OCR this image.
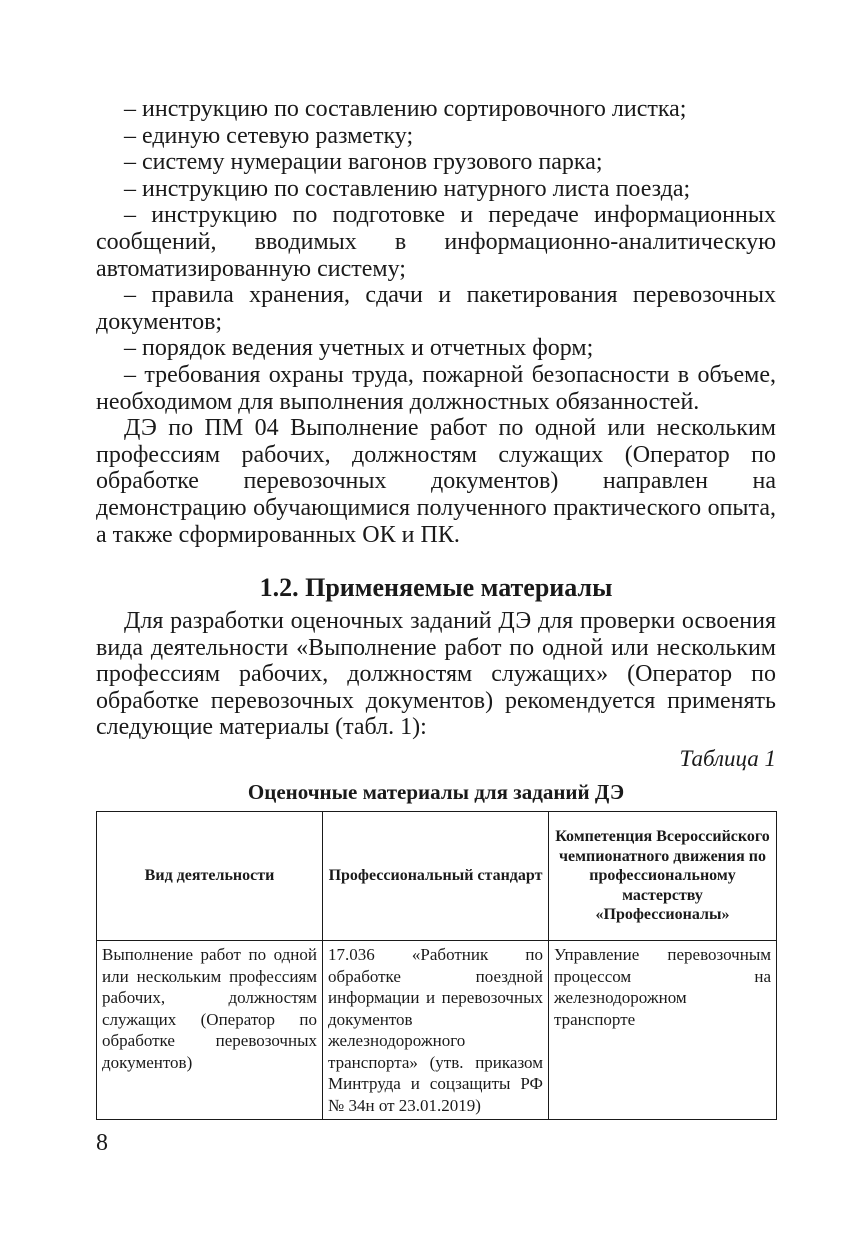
– инструкцию по составлению сортировочного листка;
– единую сетевую разметку;
– систему нумерации вагонов грузового парка;
– инструкцию по составлению натурного листа поезда;
– инструкцию по подготовке и передаче информационных сообщений, вводимых в информационно-аналитическую автоматизированную систему;
– правила хранения, сдачи и пакетирования перевозочных документов;
– порядок ведения учетных и отчетных форм;
– требования охраны труда, пожарной безопасности в объеме, необходимом для выполнения должностных обязанностей.

ДЭ по ПМ 04 Выполнение работ по одной или нескольким профессиям рабочих, должностям служащих (Оператор по обработке перевозочных документов) направлен на демонстрацию обучающимися полученного практического опыта, а также сформированных ОК и ПК.

1.2. Применяемые материалы

Для разработки оценочных заданий ДЭ для проверки освоения вида деятельности «Выполнение работ по одной или нескольким профессиям рабочих, должностям служащих» (Оператор по обработке перевозочных документов) рекомендуется применять следующие материалы (табл. 1):

Таблица 1
Оценочные материалы для заданий ДЭ
Вид деятельности	Профессиональный стандарт	Компетенция Всероссийского чемпионатного движения по профессиональному мастерству «Профессионалы»
Выполнение работ по одной или нескольким профессиям рабочих, должностям служащих (Оператор по обработке перевозочных документов)	17.036 «Работник по обработке поездной информации и перевозочных документов железнодорожного транспорта» (утв. приказом Минтруда и соцзащиты РФ № 34н от 23.01.2019)	Управление перевозочным процессом на железнодорожном транспорте
8
